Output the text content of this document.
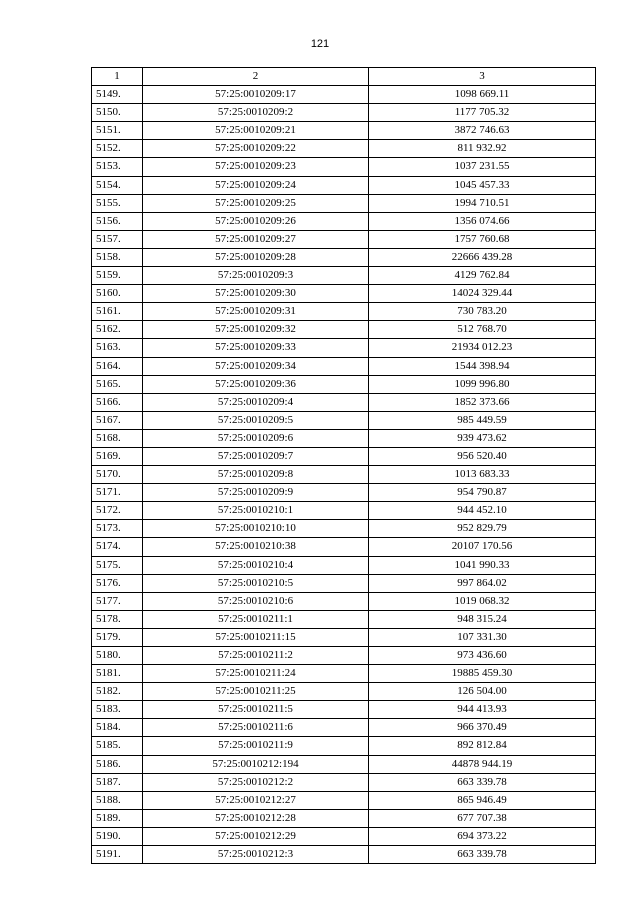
121
1	2	3
5149.	57:25:0010209:17	1098 669.11
5150.	57:25:0010209:2	1177 705.32
5151.	57:25:0010209:21	3872 746.63
5152.	57:25:0010209:22	811 932.92
5153.	57:25:0010209:23	1037 231.55
5154.	57:25:0010209:24	1045 457.33
5155.	57:25:0010209:25	1994 710.51
5156.	57:25:0010209:26	1356 074.66
5157.	57:25:0010209:27	1757 760.68
5158.	57:25:0010209:28	22666 439.28
5159.	57:25:0010209:3	4129 762.84
5160.	57:25:0010209:30	14024 329.44
5161.	57:25:0010209:31	730 783.20
5162.	57:25:0010209:32	512 768.70
5163.	57:25:0010209:33	21934 012.23
5164.	57:25:0010209:34	1544 398.94
5165.	57:25:0010209:36	1099 996.80
5166.	57:25:0010209:4	1852 373.66
5167.	57:25:0010209:5	985 449.59
5168.	57:25:0010209:6	939 473.62
5169.	57:25:0010209:7	956 520.40
5170.	57:25:0010209:8	1013 683.33
5171.	57:25:0010209:9	954 790.87
5172.	57:25:0010210:1	944 452.10
5173.	57:25:0010210:10	952 829.79
5174.	57:25:0010210:38	20107 170.56
5175.	57:25:0010210:4	1041 990.33
5176.	57:25:0010210:5	997 864.02
5177.	57:25:0010210:6	1019 068.32
5178.	57:25:0010211:1	948 315.24
5179.	57:25:0010211:15	107 331.30
5180.	57:25:0010211:2	973 436.60
5181.	57:25:0010211:24	19885 459.30
5182.	57:25:0010211:25	126 504.00
5183.	57:25:0010211:5	944 413.93
5184.	57:25:0010211:6	966 370.49
5185.	57:25:0010211:9	892 812.84
5186.	57:25:0010212:194	44878 944.19
5187.	57:25:0010212:2	663 339.78
5188.	57:25:0010212:27	865 946.49
5189.	57:25:0010212:28	677 707.38
5190.	57:25:0010212:29	694 373.22
5191.	57:25:0010212:3	663 339.78
